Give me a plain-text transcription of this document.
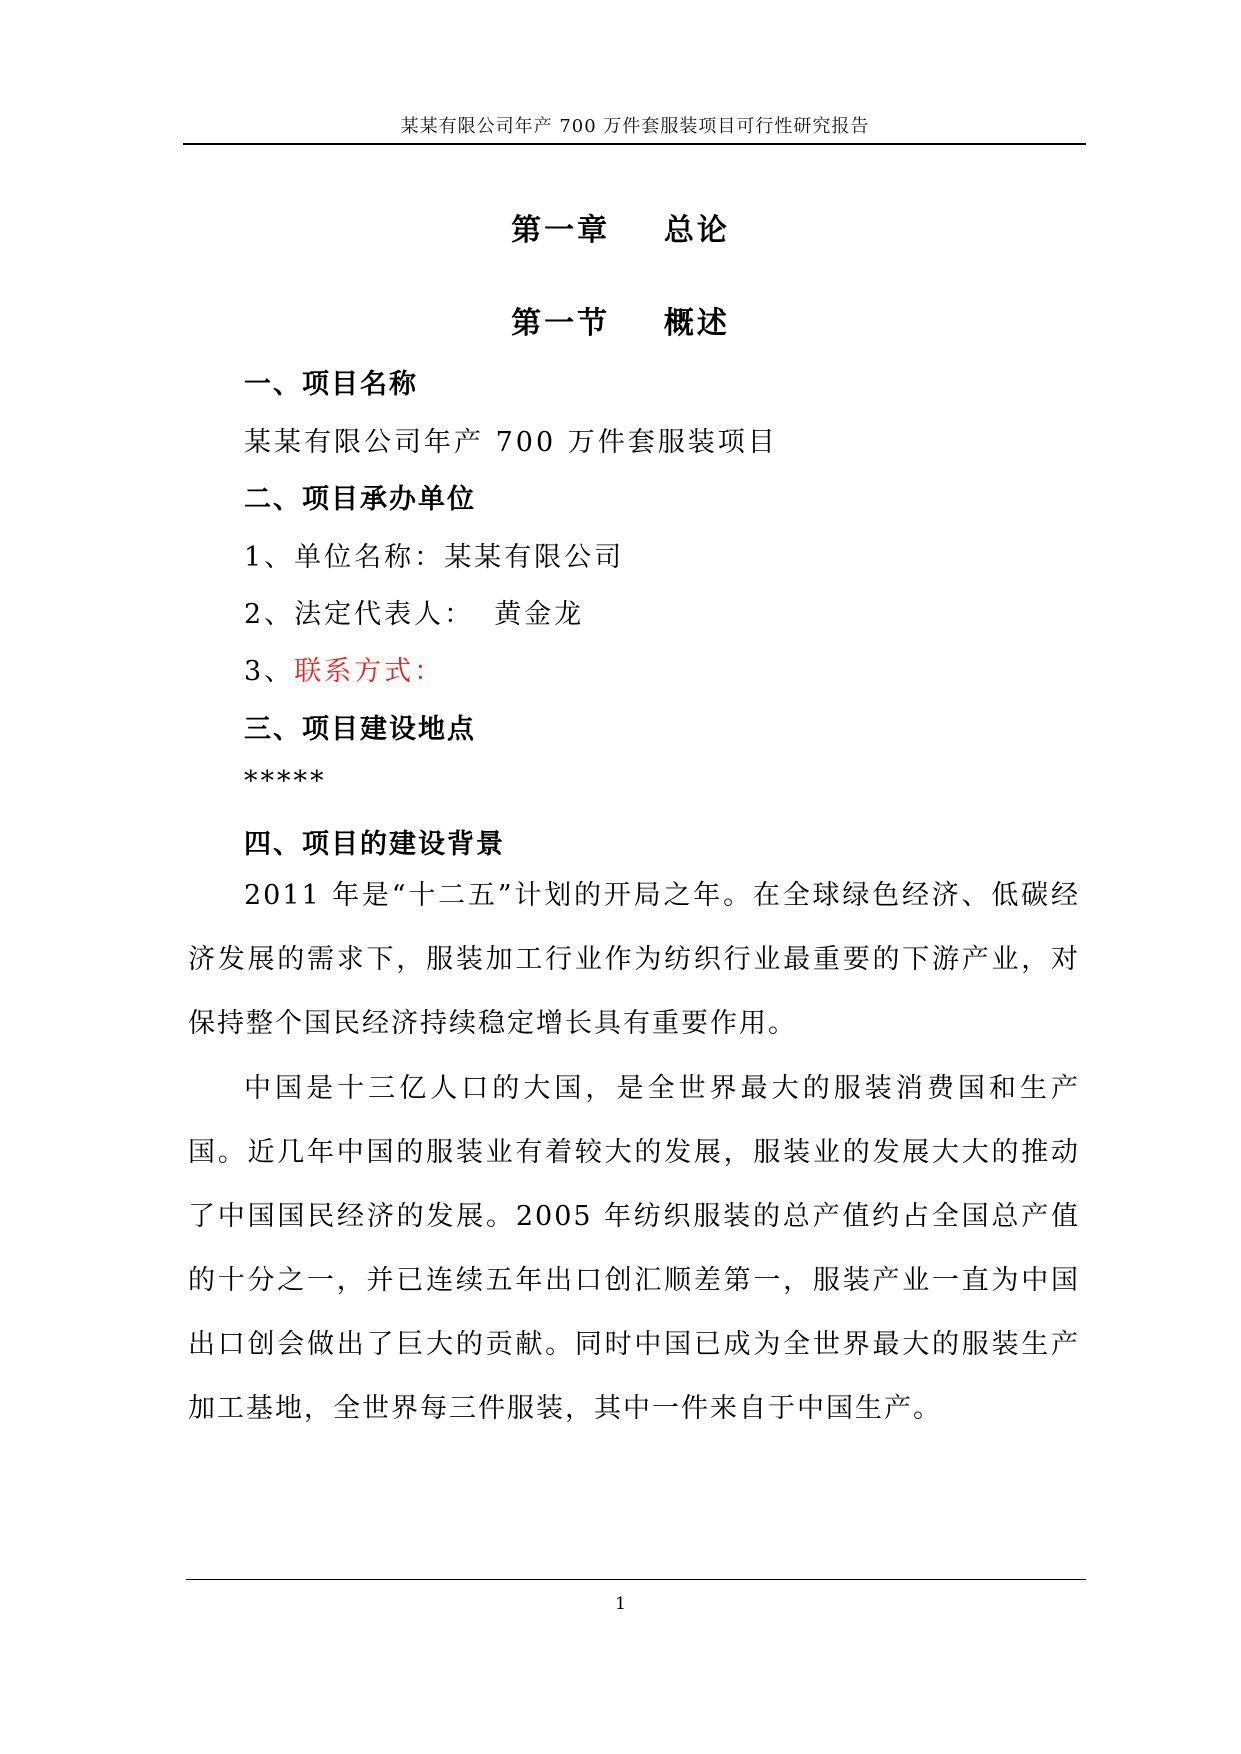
某某有限公司年产 700 万件套服装项目可行性研究报告
第一章    总论
第一节    概述
一、项目名称
某某有限公司年产 700 万件套服装项目
二、项目承办单位
1、单位名称：某某有限公司
2、法定代表人： 黄金龙
3、联系方式：
三、项目建设地点
*****
四、项目的建设背景

2011 年是“十二五”计划的开局之年。在全球绿色经济、低碳经济发展的需求下，服装加工行业作为纺织行业最重要的下游产业，对保持整个国民经济持续稳定增长具有重要作用。

中国是十三亿人口的大国，是全世界最大的服装消费国和生产国。近几年中国的服装业有着较大的发展，服装业的发展大大的推动了中国国民经济的发展。2005 年纺织服装的总产值约占全国总产值的十分之一，并已连续五年出口创汇顺差第一，服装产业一直为中国出口创会做出了巨大的贡献。同时中国已成为全世界最大的服装生产加工基地，全世界每三件服装，其中一件来自于中国生产。

1
